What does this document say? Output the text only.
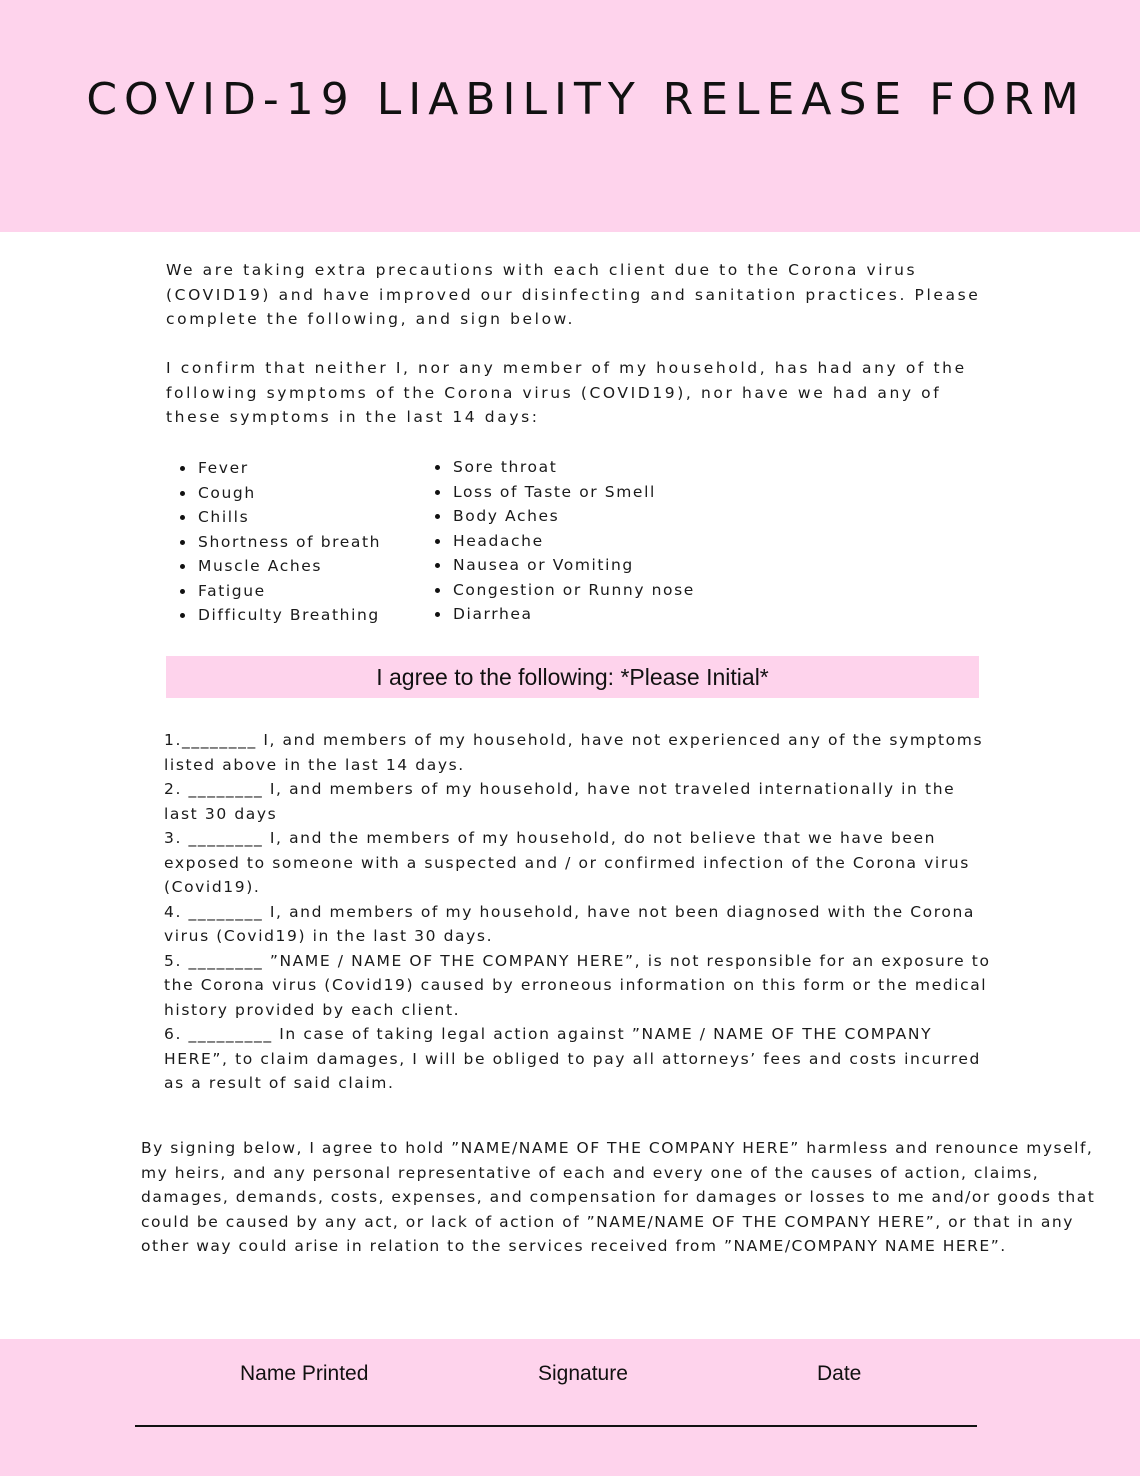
COVID-19 LIABILITY RELEASE FORM

We are taking extra precautions with each client due to the Corona virus (COVID19) and have improved our disinfecting and sanitation practices. Please complete the following, and sign below.

I confirm that neither I, nor any member of my household, has had any of the following symptoms of the Corona virus (COVID19), nor have we had any of these symptoms in the last 14 days:

Fever
Cough
Chills
Shortness of breath
Muscle Aches
Fatigue
Difficulty Breathing
Sore throat
Loss of Taste or Smell
Body Aches
Headache
Nausea or Vomiting
Congestion or Runny nose
Diarrhea
I agree to the following: *Please Initial*
1.________ I, and members of my household, have not experienced any of the symptoms listed above in the last 14 days.
2. ________ I, and members of my household, have not traveled internationally in the last 30 days
3. ________ I, and the members of my household, do not believe that we have been exposed to someone with a suspected and / or confirmed infection of the Corona virus (Covid19).
4. ________ I, and members of my household, have not been diagnosed with the Corona virus (Covid19) in the last 30 days.
5. ________ ”NAME / NAME OF THE COMPANY HERE”, is not responsible for an exposure to the Corona virus (Covid19) caused by erroneous information on this form or the medical history provided by each client.
6. _________ In case of taking legal action against ”NAME / NAME OF THE COMPANY HERE”, to claim damages, I will be obliged to pay all attorneys’ fees and costs incurred as a result of said claim.

By signing below, I agree to hold ”NAME/NAME OF THE COMPANY HERE” harmless and renounce myself, my heirs, and any personal representative of each and every one of the causes of action, claims, damages, demands, costs, expenses, and compensation for damages or losses to me and/or goods that could be caused by any act, or lack of action of ”NAME/NAME OF THE COMPANY HERE”, or that in any other way could arise in relation to the services received from ”NAME/COMPANY NAME HERE”.

Name Printed	Signature	Date
